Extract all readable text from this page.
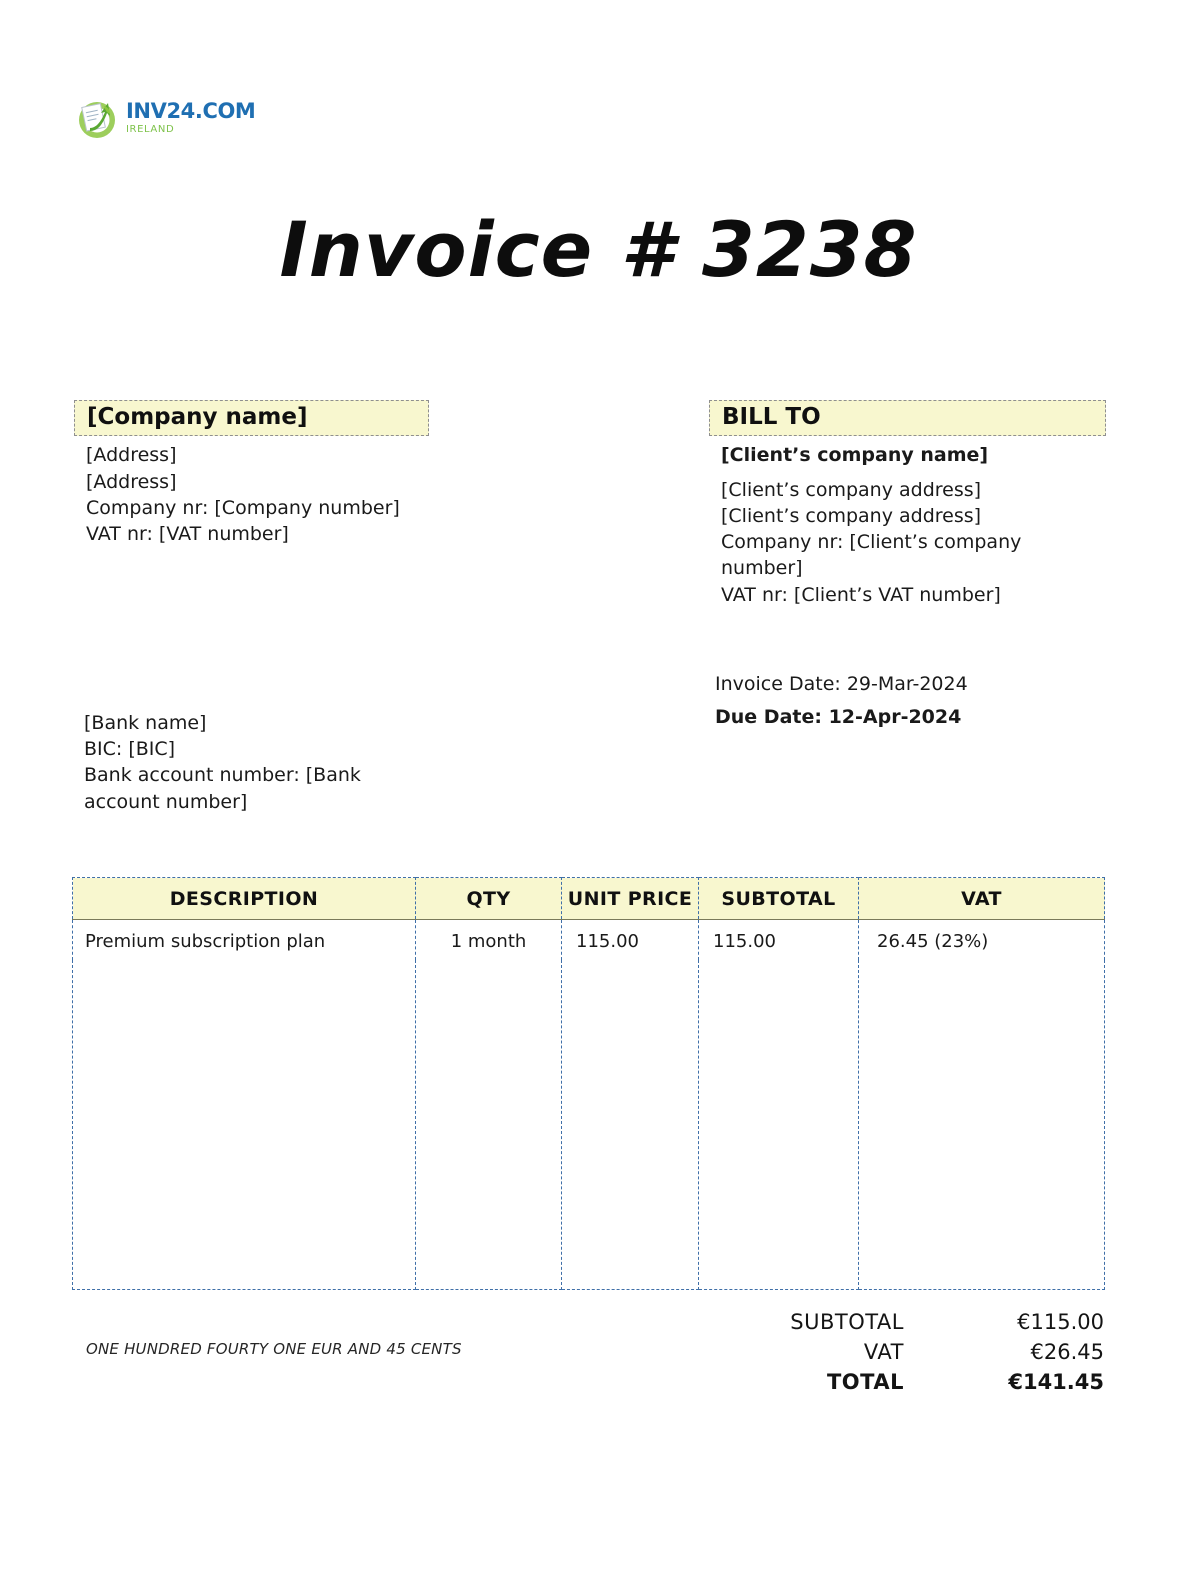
INV24.COM
IRELAND
Invoice # 3238
[Company name]
[Address]
[Address]
Company nr: [Company number]
VAT nr: [VAT number]
BILL TO
[Client’s company name]
[Client’s company address]
[Client’s company address]
Company nr: [Client’s company number]
VAT nr: [Client’s VAT number]
Invoice Date: 29-Mar-2024
Due Date: 12-Apr-2024
[Bank name]
BIC: [BIC]
Bank account number: [Bank account number]
DESCRIPTION	QTY	UNIT PRICE	SUBTOTAL	VAT
Premium subscription plan	1 month	115.00	115.00	26.45 (23%)

ONE HUNDRED FOURTY ONE EUR AND 45 CENTS
SUBTOTAL	€115.00
VAT	€26.45
TOTAL	€141.45
